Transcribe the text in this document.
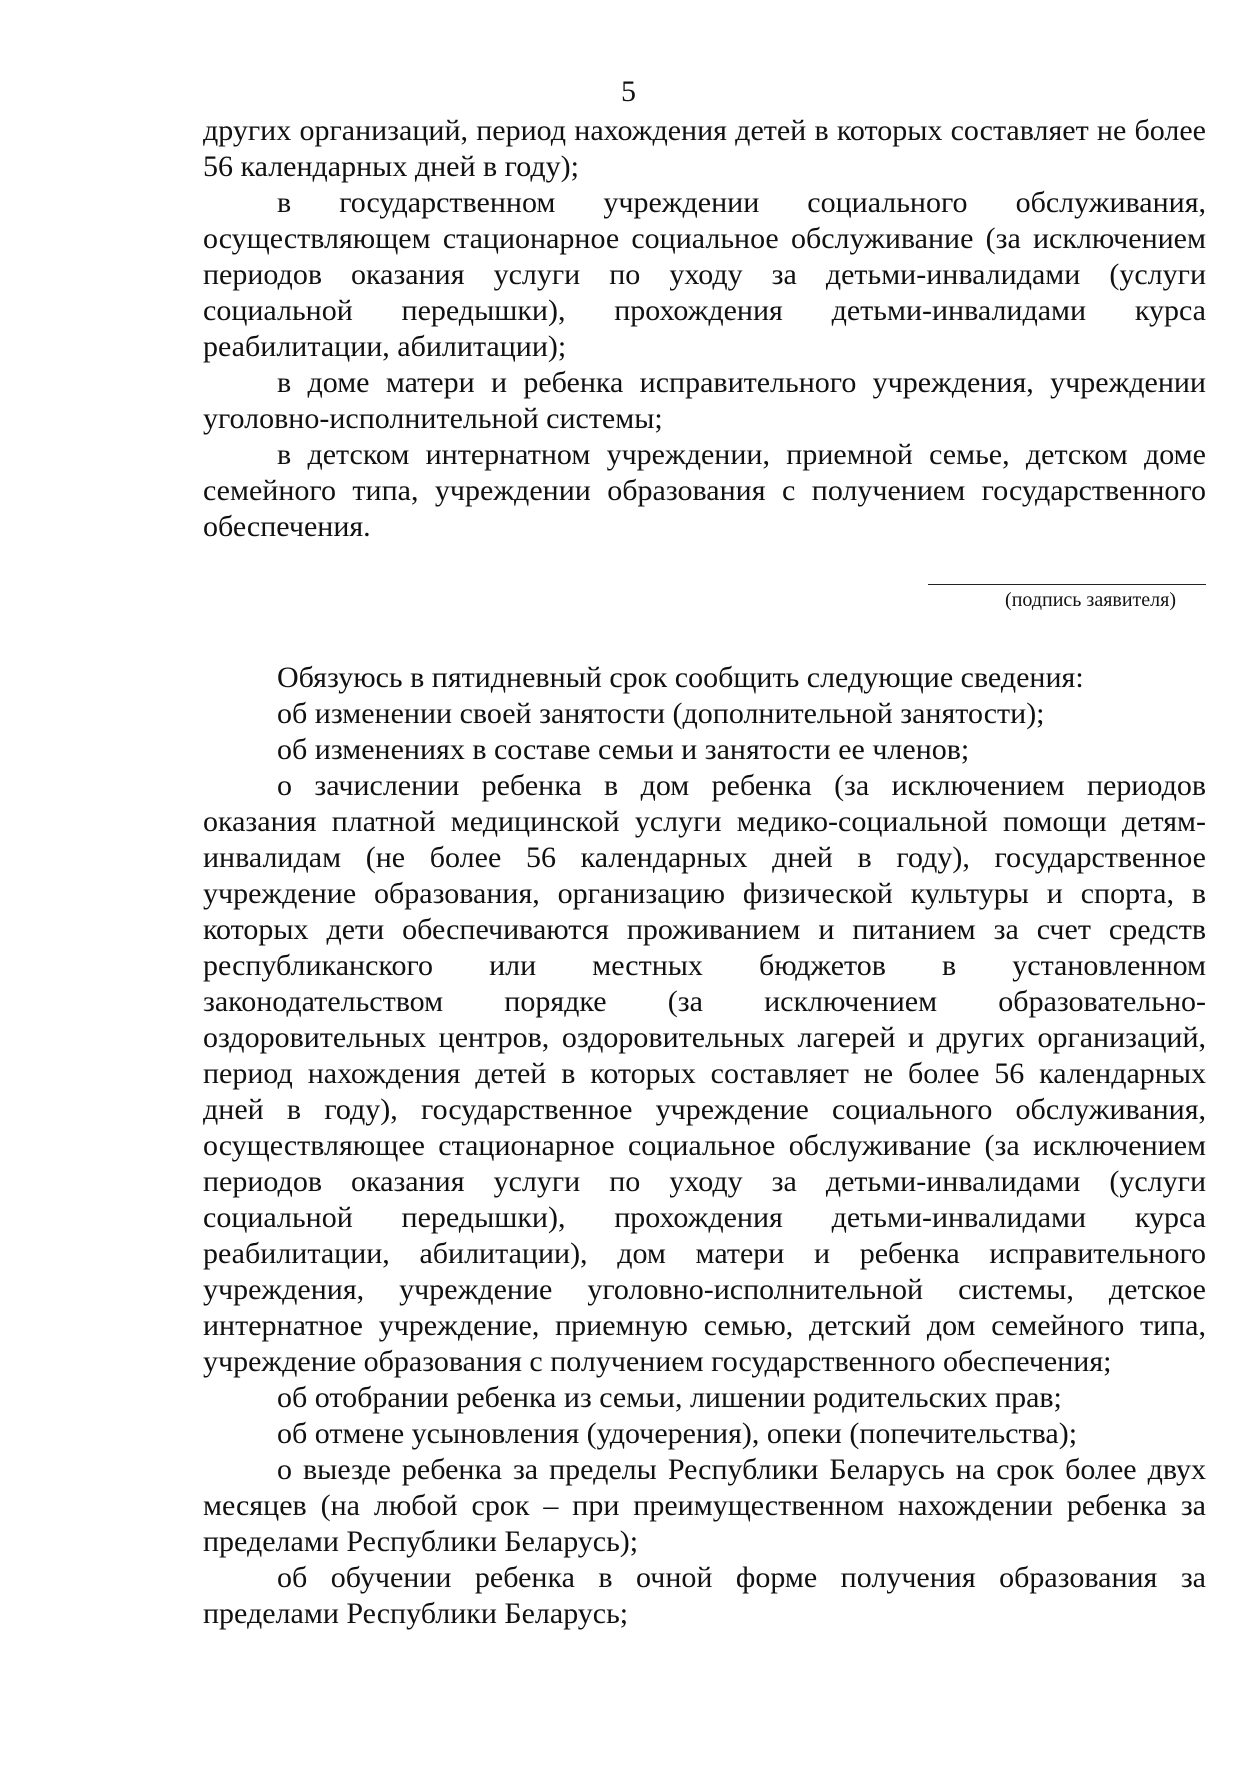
5

других организаций, период нахождения детей в которых составляет не более 56 календарных дней в году);

в государственном учреждении социального обслуживания, осуществляющем стационарное социальное обслуживание (за исключением периодов оказания услуги по уходу за детьми-инвалидами (услуги социальной передышки), прохождения детьми-инвалидами курса реабилитации, абилитации);

в доме матери и ребенка исправительного учреждения, учреждении уголовно-исполнительной системы;

в детском интернатном учреждении, приемной семье, детском доме семейного типа, учреждении образования с получением государственного обеспечения.

(подпись заявителя)

Обязуюсь в пятидневный срок сообщить следующие сведения:

об изменении своей занятости (дополнительной занятости);

об изменениях в составе семьи и занятости ее членов;

о зачислении ребенка в дом ребенка (за исключением периодов оказания платной медицинской услуги медико-социальной помощи детям-инвалидам (не более 56 календарных дней в году), государственное учреждение образования, организацию физической культуры и спорта, в которых дети обеспечиваются проживанием и питанием за счет средств республиканского или местных бюджетов в установленном законодательством порядке (за исключением образовательно-оздоровительных центров, оздоровительных лагерей и других организаций, период нахождения детей в которых составляет не более 56 календарных дней в году), государственное учреждение социального обслуживания, осуществляющее стационарное социальное обслуживание (за исключением периодов оказания услуги по уходу за детьми-инвалидами (услуги социальной передышки), прохождения детьми-инвалидами курса реабилитации, абилитации), дом матери и ребенка исправительного учреждения, учреждение уголовно-исполнительной системы, детское интернатное учреждение, приемную семью, детский дом семейного типа, учреждение образования с получением государственного обеспечения;

об отобрании ребенка из семьи, лишении родительских прав;

об отмене усыновления (удочерения), опеки (попечительства);

о выезде ребенка за пределы Республики Беларусь на срок более двух месяцев (на любой срок – при преимущественном нахождении ребенка за пределами Республики Беларусь);

об обучении ребенка в очной форме получения образования за пределами Республики Беларусь;
